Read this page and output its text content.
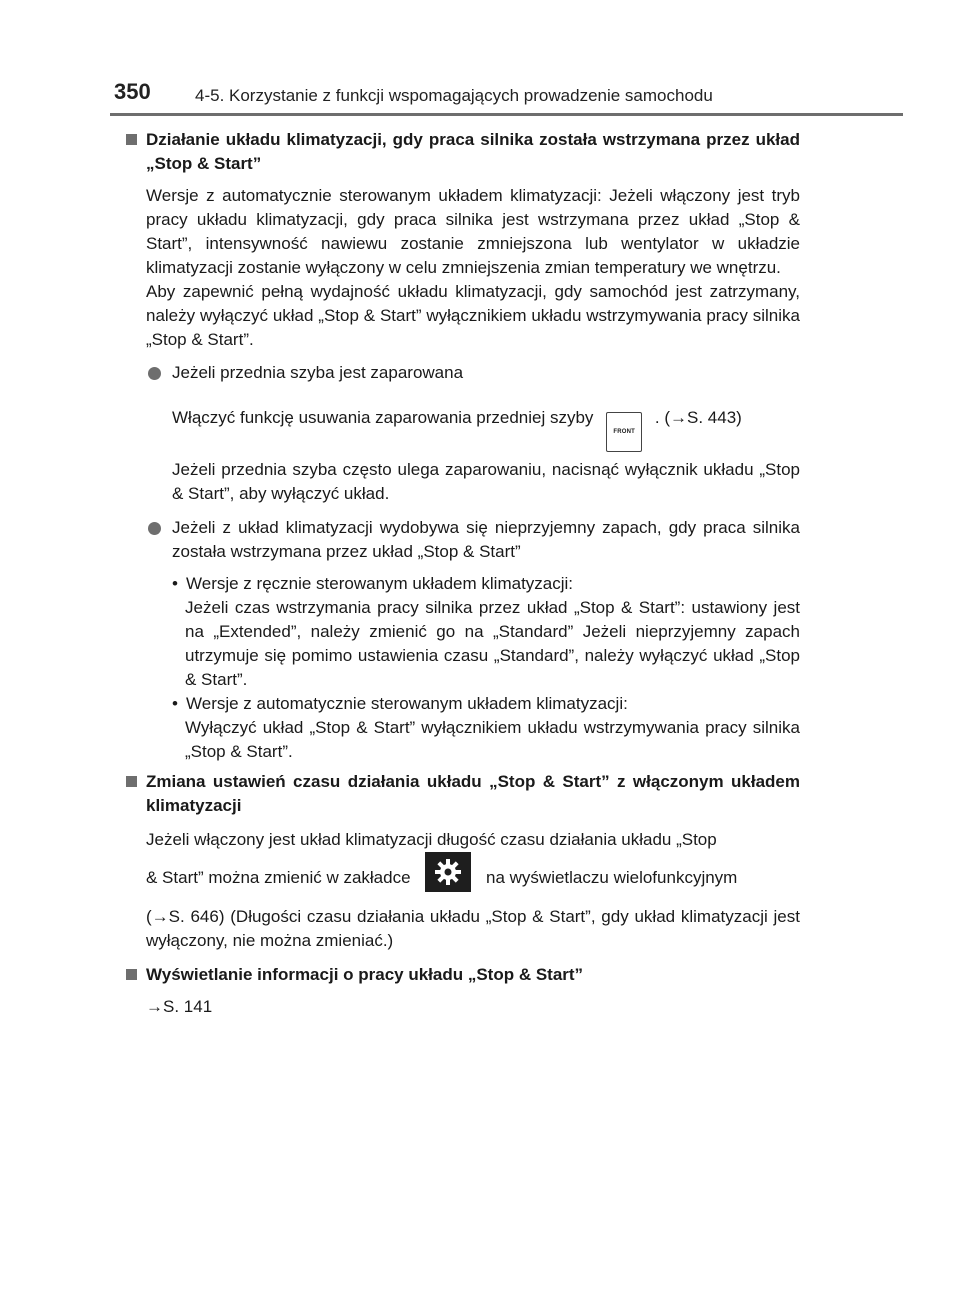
350	4-5. Korzystanie z funkcji wspomagających prowadzenie samochodu
Działanie układu klimatyzacji, gdy praca silnika została wstrzymana przez układ „Stop & Start”
Wersje z automatycznie sterowanym układem klimatyzacji: Jeżeli włączony jest tryb pracy układu klimatyzacji, gdy praca silnika jest wstrzymana przez układ „Stop & Start”, intensywność nawiewu zostanie zmniejszona lub wentylator w układzie klimatyzacji zostanie wyłączony w celu zmniejszenia zmian temperatury we wnętrzu.
Aby zapewnić pełną wydajność układu klimatyzacji, gdy samochód jest zatrzymany, należy wyłączyć układ „Stop & Start” wyłącznikiem układu wstrzymywania pracy silnika „Stop & Start”.
Jeżeli przednia szyba jest zaparowana
Włączyć funkcję usuwania zaparowania przedniej szyby
FRONT
. (→S. 443)
Jeżeli przednia szyba często ulega zaparowaniu, nacisnąć wyłącznik układu „Stop & Start”, aby wyłączyć układ.
Jeżeli z układ klimatyzacji wydobywa się nieprzyjemny zapach, gdy praca silnika została wstrzymana przez układ „Stop & Start”
• Wersje z ręcznie sterowanym układem klimatyzacji:
Jeżeli czas wstrzymania pracy silnika przez układ „Stop & Start”: ustawiony jest na „Extended”, należy zmienić go na „Standard” Jeżeli nieprzyjemny zapach utrzymuje się pomimo ustawienia czasu „Standard”, należy wyłączyć układ „Stop & Start”.
• Wersje z automatycznie sterowanym układem klimatyzacji:
Wyłączyć układ „Stop & Start” wyłącznikiem układu wstrzymywania pracy silnika „Stop & Start”.
Zmiana ustawień czasu działania układu „Stop & Start” z włączonym układem klimatyzacji
Jeżeli włączony jest układ klimatyzacji długość czasu działania układu „Stop
& Start” można zmienić w zakładce	na wyświetlaczu wielofunkcyjnym
(→S. 646) (Długości czasu działania układu „Stop & Start”, gdy układ klimatyzacji jest wyłączony, nie można zmieniać.)
Wyświetlanie informacji o pracy układu „Stop & Start”
→S. 141
